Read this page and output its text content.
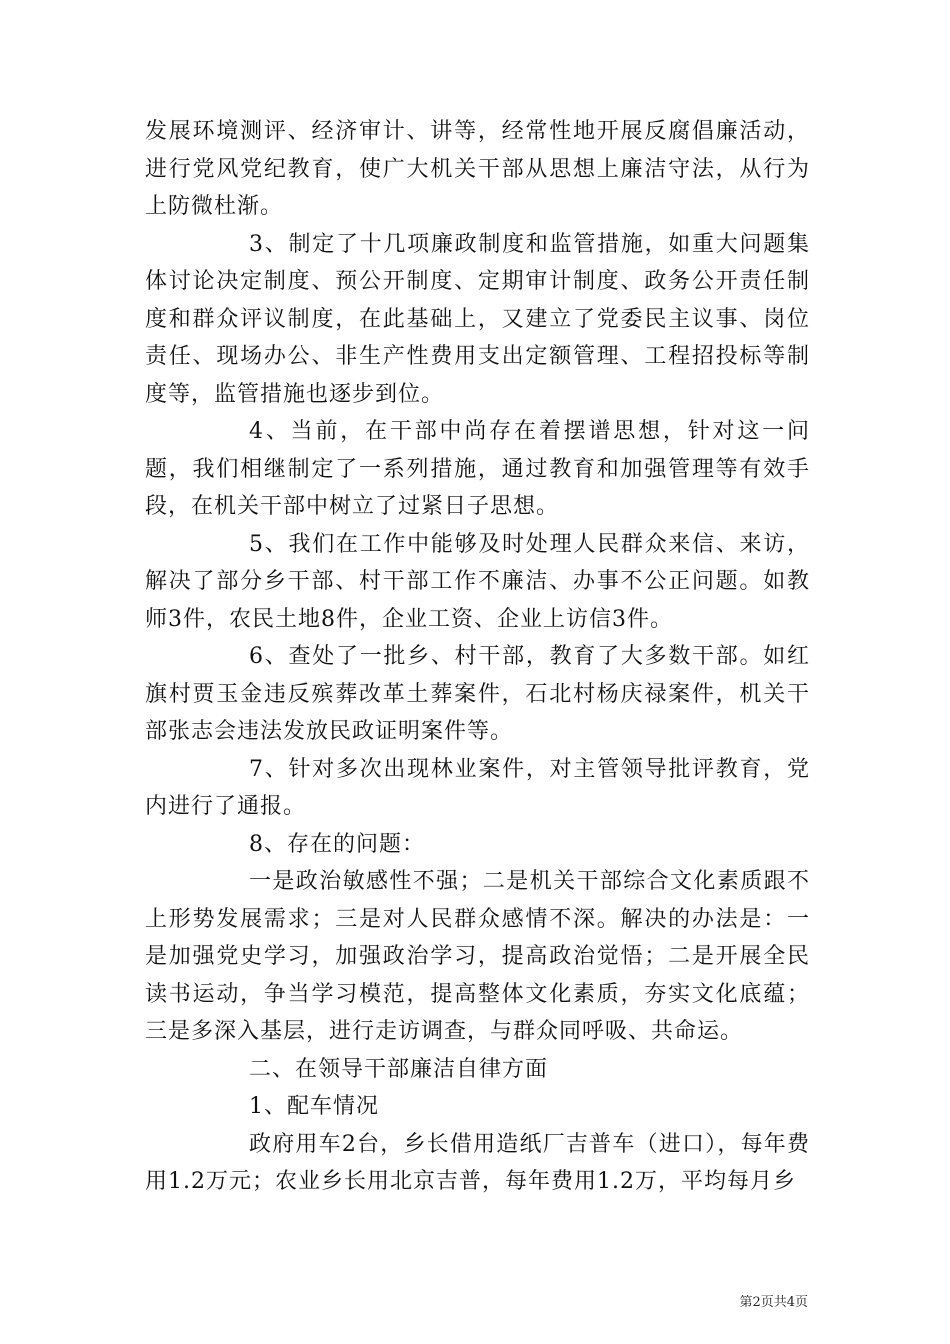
发展环境测评、经济审计、讲等，经常性地开展反腐倡廉活动，进行党风党纪教育，使广大机关干部从思想上廉洁守法，从行为上防微杜渐。

3、制定了十几项廉政制度和监管措施，如重大问题集体讨论决定制度、预公开制度、定期审计制度、政务公开责任制度和群众评议制度，在此基础上，又建立了党委民主议事、岗位责任、现场办公、非生产性费用支出定额管理、工程招投标等制度等，监管措施也逐步到位。

4、当前，在干部中尚存在着摆谱思想，针对这一问题，我们相继制定了一系列措施，通过教育和加强管理等有效手段，在机关干部中树立了过紧日子思想。

5、我们在工作中能够及时处理人民群众来信、来访，解决了部分乡干部、村干部工作不廉洁、办事不公正问题。如教师3件，农民土地8件，企业工资、企业上访信3件。

6、查处了一批乡、村干部，教育了大多数干部。如红旗村贾玉金违反殡葬改革土葬案件，石北村杨庆禄案件，机关干部张志会违法发放民政证明案件等。

7、针对多次出现林业案件，对主管领导批评教育，党内进行了通报。

8、存在的问题：

一是政治敏感性不强；二是机关干部综合文化素质跟不上形势发展需求；三是对人民群众感情不深。解决的办法是：一是加强党史学习，加强政治学习，提高政治觉悟；二是开展全民读书运动，争当学习模范，提高整体文化素质，夯实文化底蕴；三是多深入基层，进行走访调查，与群众同呼吸、共命运。

二、在领导干部廉洁自律方面

1、配车情况

政府用车2台，乡长借用造纸厂吉普车（进口），每年费用1.2万元；农业乡长用北京吉普，每年费用1.2万，平均每月乡

第2页共4页
